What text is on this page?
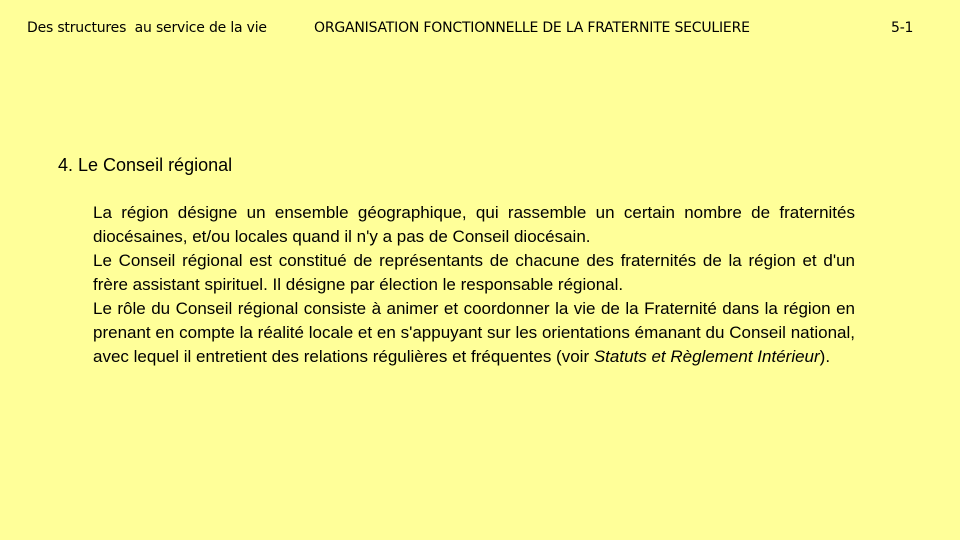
Des structures  au service de la vie	ORGANISATION FONCTIONNELLE DE LA FRATERNITE SECULIERE	5-1
4. Le Conseil régional

La région désigne un ensemble géographique, qui rassemble un certain nombre de fraternités diocésaines, et/ou locales quand il n'y a pas de Conseil diocésain.

Le Conseil régional est constitué de représentants de chacune des fraternités de la région et d'un frère assistant spirituel. Il désigne par élection le responsable régional.

Le rôle du Conseil régional consiste à animer et coordonner la vie de la Fraternité dans la région en prenant en compte la réalité locale et en s'appuyant sur les orientations émanant du Conseil national, avec lequel il entretient des relations régulières et fréquentes (voir Statuts et Règlement Intérieur).
